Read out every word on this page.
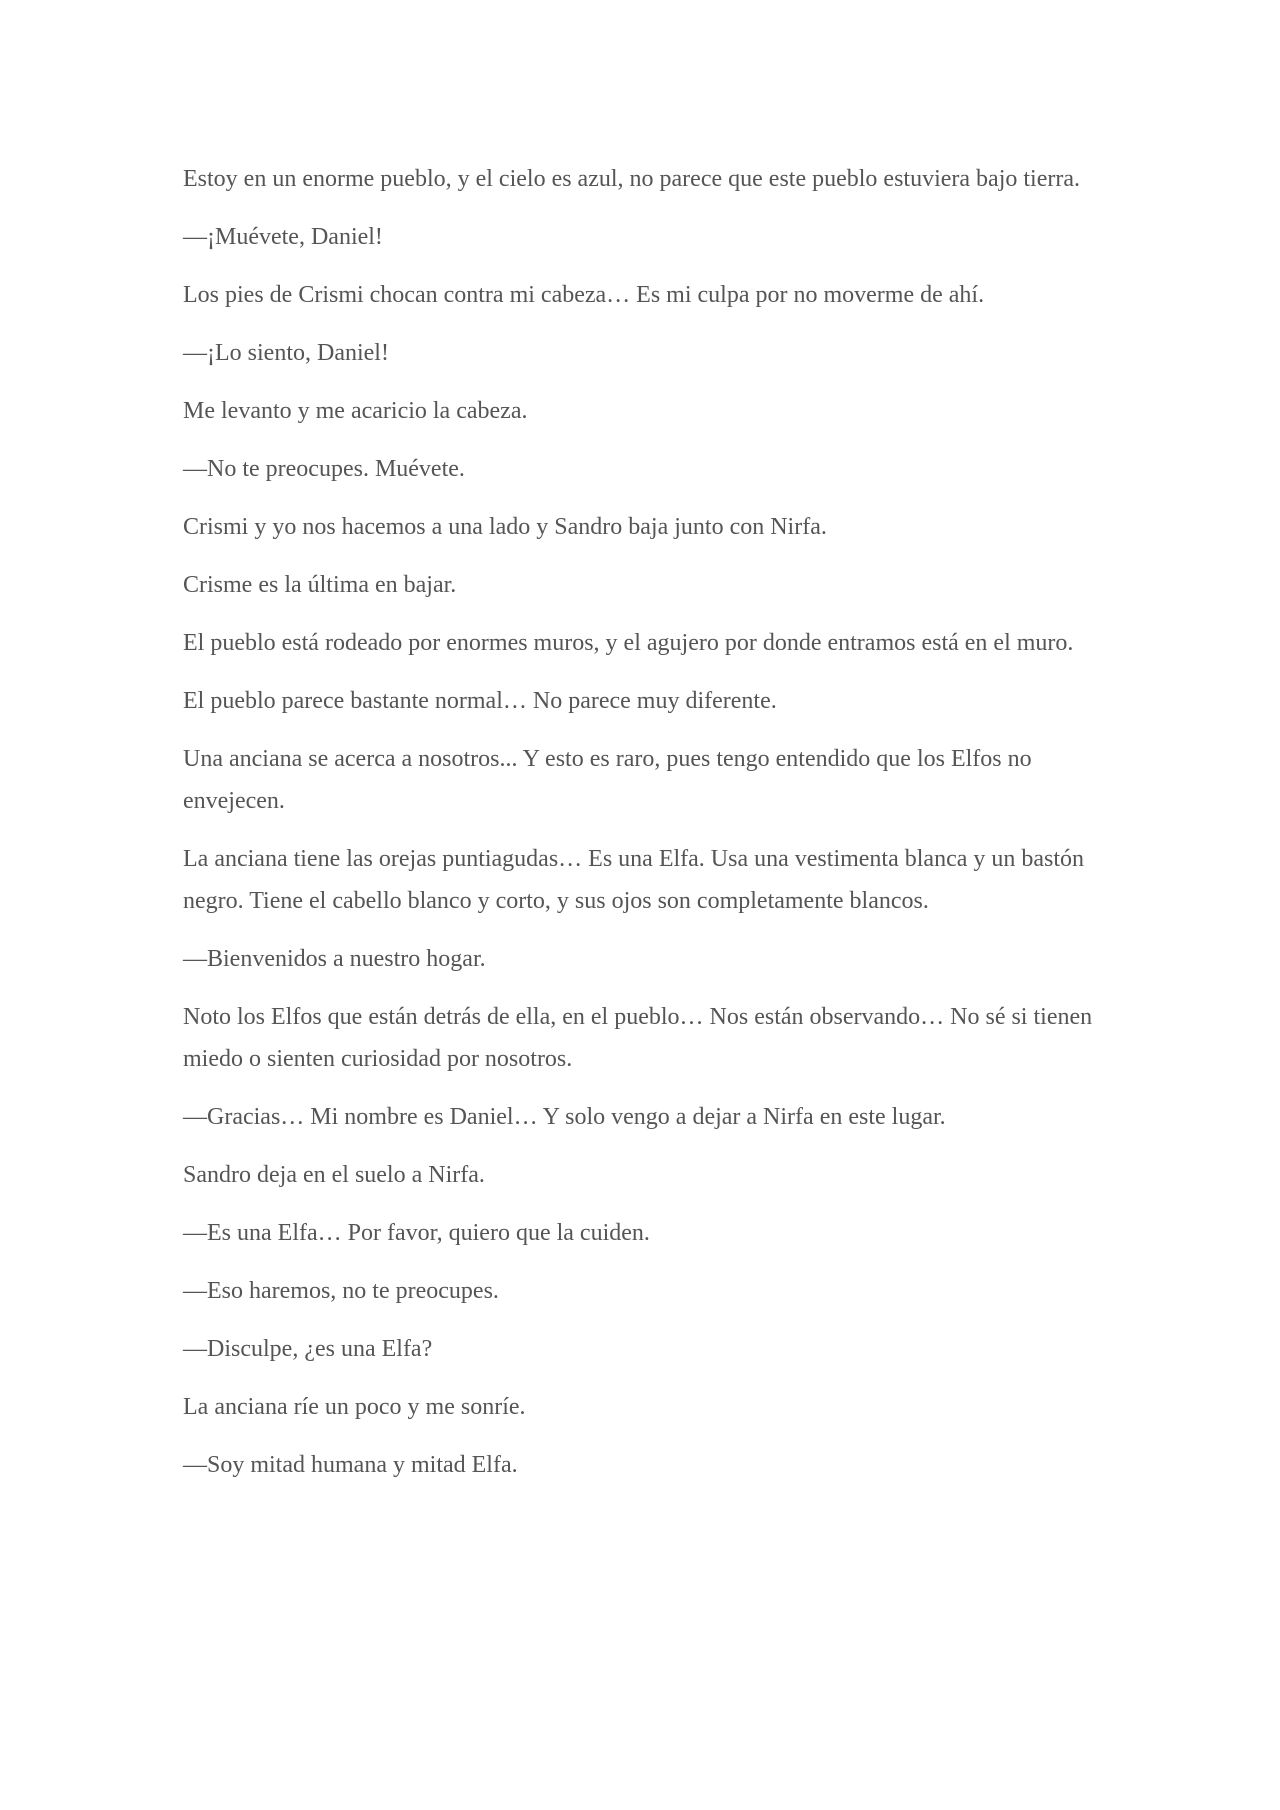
Estoy en un enorme pueblo, y el cielo es azul, no parece que este pueblo estuviera bajo tierra.

—¡Muévete, Daniel!

Los pies de Crismi chocan contra mi cabeza… Es mi culpa por no moverme de ahí.

—¡Lo siento, Daniel!

Me levanto y me acaricio la cabeza.

—No te preocupes. Muévete.

Crismi y yo nos hacemos a una lado y Sandro baja junto con Nirfa.

Crisme es la última en bajar.

El pueblo está rodeado por enormes muros, y el agujero por donde entramos está en el muro.

El pueblo parece bastante normal… No parece muy diferente.

Una anciana se acerca a nosotros... Y esto es raro, pues tengo entendido que los Elfos no envejecen.

La anciana tiene las orejas puntiagudas… Es una Elfa. Usa una vestimenta blanca y un bastón negro. Tiene el cabello blanco y corto, y sus ojos son completamente blancos.

—Bienvenidos a nuestro hogar.

Noto los Elfos que están detrás de ella, en el pueblo… Nos están observando… No sé si tienen miedo o sienten curiosidad por nosotros.

—Gracias… Mi nombre es Daniel… Y solo vengo a dejar a Nirfa en este lugar.

Sandro deja en el suelo a Nirfa.

—Es una Elfa… Por favor, quiero que la cuiden.

—Eso haremos, no te preocupes.

—Disculpe, ¿es una Elfa?

La anciana ríe un poco y me sonríe.

—Soy mitad humana y mitad Elfa.
